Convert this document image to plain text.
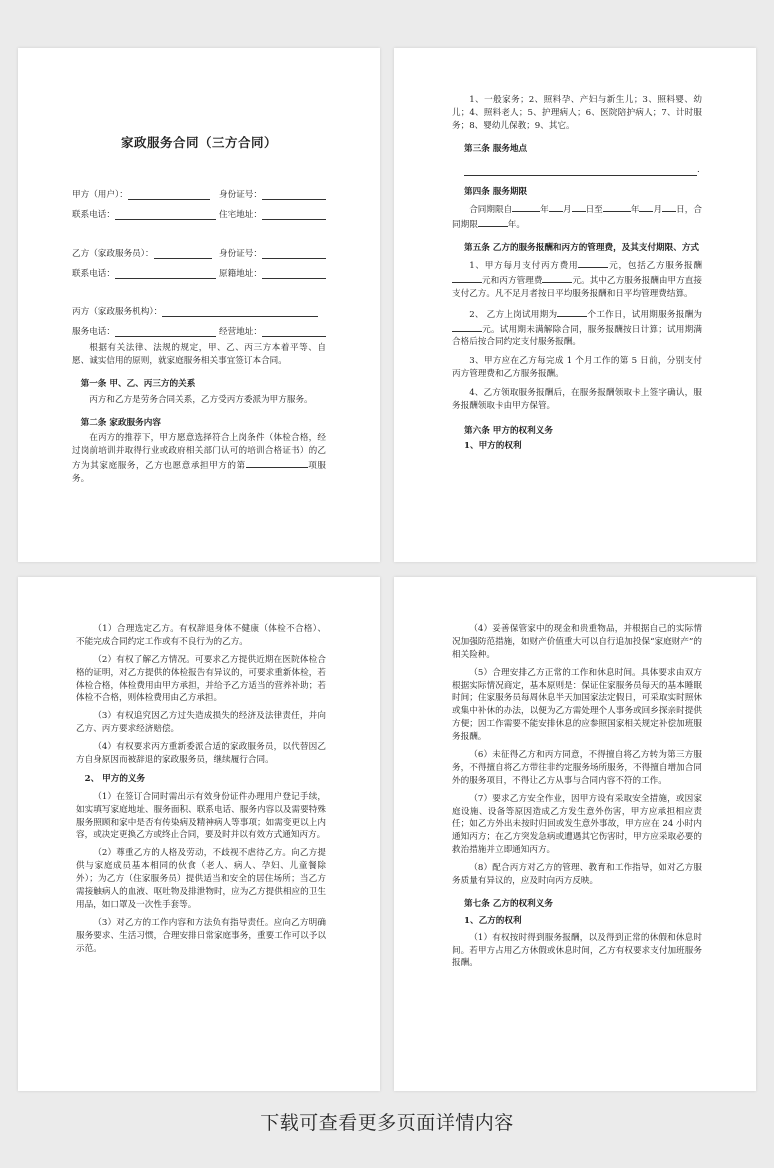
家政服务合同（三方合同）
甲方（用户）：	身份证号：
联系电话：	住宅地址：
乙方（家政服务员）：	身份证号：
联系电话：	原籍地址：
丙方（家政服务机构）：
服务电话：	经营地址：

根据有关法律、法规的规定，甲、乙、丙三方本着平等、自愿、诚实信用的原则，就家庭服务相关事宜签订本合同。

第一条 甲、乙、丙三方的关系

丙方和乙方是劳务合同关系，乙方受丙方委派为甲方服务。

第二条 家政服务内容

在丙方的推荐下，甲方愿意选择符合上岗条件（体检合格，经过岗前培训并取得行业或政府相关部门认可的培训合格证书）的乙方为其家庭服务，乙方也愿意承担甲方的第	项服务。

1、一般家务；2、照料孕、产妇与新生儿；3、照料婴、幼儿；4、照料老人；5、护理病人；6、医院陪护病人；7、计时服务；8、婴幼儿保教；9、其它。

第三条 服务地点

.

第四条 服务期限

合同期限自	年 月 日至	年 月 日，合同期限	年。

第五条 乙方的服务报酬和丙方的管理费，及其支付期限、方式

1、甲方每月支付丙方费用	元，包括乙方服务报酬元和丙方管理费	元。其中乙方服务报酬由甲方直接支付乙方。凡不足月者按日平均服务报酬和日平均管理费结算。

2、 乙方上岗试用期为	个工作日，试用期服务报酬为元。试用期未满解除合同，服务报酬按日计算；试用期满合格后按合同约定支付服务报酬。

3、甲方应在乙方每完成 1 个月工作的第 5 日前，分别支付丙方管理费和乙方服务报酬。

4、乙方领取服务报酬后，在服务报酬领取卡上签字确认，服务报酬领取卡由甲方保管。

第六条 甲方的权利义务

1、甲方的权利

（1）合理选定乙方。有权辞退身体不健康（体检不合格）、不能完成合同约定工作或有不良行为的乙方。

（2）有权了解乙方情况。可要求乙方提供近期在医院体检合格的证明，对乙方提供的体检报告有异议的，可要求重新体检，若体检合格，体检费用由甲方承担，并给予乙方适当的营养补助；若体检不合格，则体检费用由乙方承担。

（3）有权追究因乙方过失造成损失的经济及法律责任，并向乙方、丙方要求经济赔偿。

（4）有权要求丙方重新委派合适的家政服务员，以代替因乙方自身原因而被辞退的家政服务员，继续履行合同。

2、 甲方的义务

（1）在签订合同时需出示有效身份证件办理用户登记手续，如实填写家庭地址、服务面积、联系电话、服务内容以及需要特殊服务照顾和家中是否有传染病及精神病人等事项；如需变更以上内容，或决定更换乙方或终止合同，要及时并以有效方式通知丙方。

（2）尊重乙方的人格及劳动，不歧视不虐待乙方。向乙方提供与家庭成员基本相同的伙食（老人、病人、孕妇、儿童餐除外）；为乙方（住家服务员）提供适当和安全的居住场所；当乙方需接触病人的血液、呕吐物及排泄物时，应为乙方提供相应的卫生用品，如口罩及一次性手套等。

（3）对乙方的工作内容和方法负有指导责任。应向乙方明确服务要求、生活习惯，合理安排日常家庭事务，重要工作可以予以示范。

（4）妥善保管家中的现金和贵重物品，并根据自己的实际情况加强防范措施，如财产价值重大可以自行追加投保“家庭财产”的相关险种。

（5）合理安排乙方正常的工作和休息时间。具体要求由双方根据实际情况商定，基本原则是：保证住家服务员每天的基本睡眠时间；住家服务员每周休息半天加国家法定假日，可采取实时照休或集中补休的办法，以便为乙方需处理个人事务或回乡探亲时提供方便；因工作需要不能安排休息的应参照国家相关规定补偿加班服务报酬。

（6）未征得乙方和丙方同意，不得擅自将乙方转为第三方服务，不得擅自将乙方带往非约定服务场所服务，不得擅自增加合同外的服务项目，不得让乙方从事与合同内容不符的工作。

（7）要求乙方安全作业，因甲方设有采取安全措施，或因家庭设施、设备等原因造成乙方发生意外伤害，甲方应承担相应责任；如乙方外出未按时归回或发生意外事故，甲方应在 24 小时内通知丙方；在乙方突发急病或遭遇其它伤害时，甲方应采取必要的救治措施并立即通知丙方。

（8）配合丙方对乙方的管理、教育和工作指导，如对乙方服务质量有异议的，应及时向丙方反映。

第七条 乙方的权利义务

1、乙方的权利

（1）有权按时得到服务报酬，以及得到正常的休假和休息时间。若甲方占用乙方休假或休息时间，乙方有权要求支付加班服务报酬。

下载可查看更多页面详情内容
